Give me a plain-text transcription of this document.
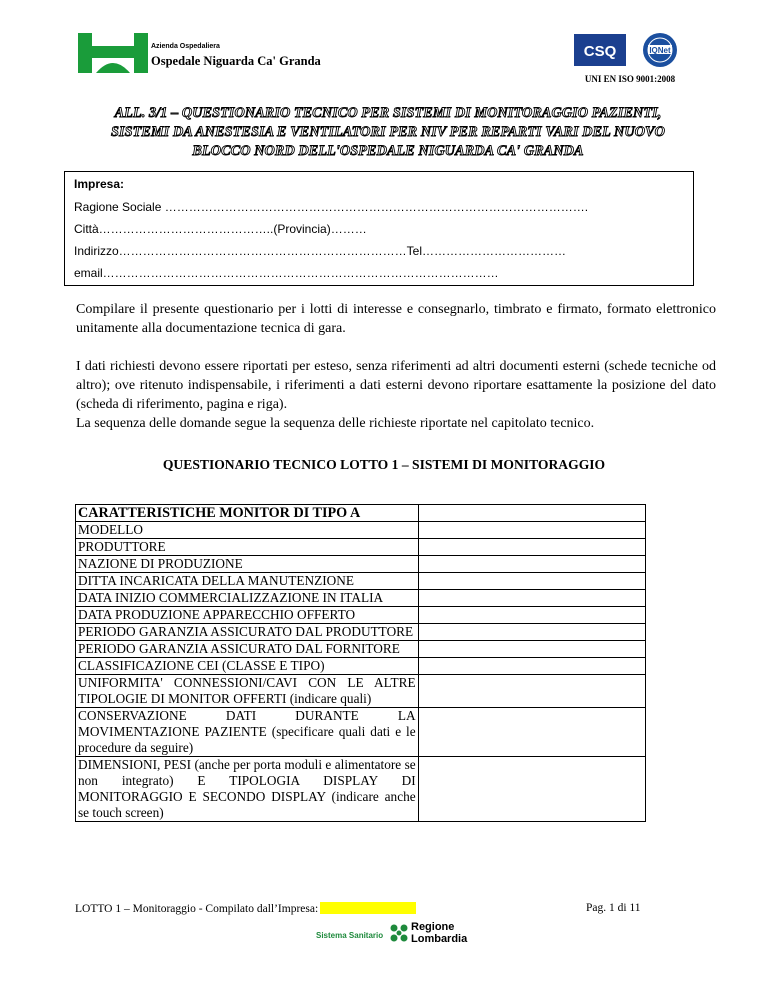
Azienda Ospedaliera
Ospedale Niguarda Ca' Granda
CSQ	IQNet
UNI EN ISO 9001:2008
ALL. 3/1 – QUESTIONARIO TECNICO PER SISTEMI DI MONITORAGGIO PAZIENTI,
SISTEMI DA ANESTESIA E VENTILATORI PER NIV PER REPARTI VARI DEL NUOVO
BLOCCO NORD DELL'OSPEDALE NIGUARDA CA' GRANDA
Impresa:
Ragione Sociale …………………………………………………………………………………………….
Città……………………………………..(Provincia)………
Indirizzo………………………………………………………………Tel………………………………
email………………………………………………………………………………………
Compilare il presente questionario per i lotti di interesse e consegnarlo, timbrato e firmato, formato elettronico unitamente alla documentazione tecnica di gara.
I dati richiesti devono essere riportati per esteso, senza riferimenti ad altri documenti esterni (schede tecniche od altro); ove ritenuto indispensabile, i riferimenti a dati esterni devono riportare esattamente la posizione del dato (scheda di riferimento, pagina e riga).
La sequenza delle domande segue la sequenza delle richieste riportate nel capitolato tecnico.
QUESTIONARIO TECNICO LOTTO 1 – SISTEMI DI MONITORAGGIO
CARATTERISTICHE MONITOR DI TIPO A	
MODELLO	
PRODUTTORE	
NAZIONE DI PRODUZIONE	
DITTA INCARICATA DELLA MANUTENZIONE	
DATA INIZIO COMMERCIALIZZAZIONE IN ITALIA	
DATA PRODUZIONE APPARECCHIO OFFERTO	
PERIODO GARANZIA ASSICURATO DAL PRODUTTORE	
PERIODO GARANZIA ASSICURATO DAL FORNITORE	
CLASSIFICAZIONE CEI (CLASSE E TIPO)	
UNIFORMITA' CONNESSIONI/CAVI CON LE ALTRE TIPOLOGIE DI MONITOR OFFERTI (indicare quali)	
CONSERVAZIONE DATI DURANTE LA MOVIMENTAZIONE PAZIENTE (specificare quali dati e le procedure da seguire)	
DIMENSIONI, PESI (anche per porta moduli e alimentatore se non integrato) E TIPOLOGIA DISPLAY DI MONITORAGGIO E SECONDO DISPLAY (indicare anche se touch screen)	
LOTTO 1 – Monitoraggio - Compilato dall’Impresa:	Pag. 1 di 11
Sistema Sanitario
Regione
Lombardia
